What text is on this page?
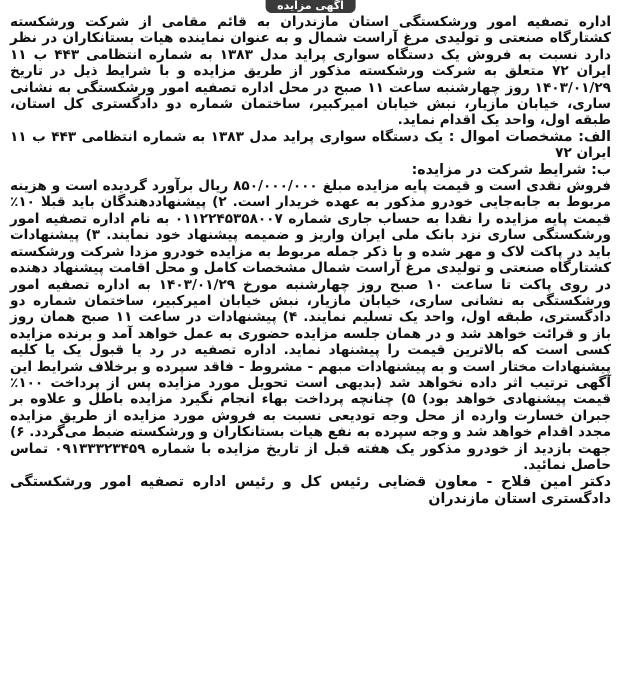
آگهی مزایده

اداره تصفیه امور ورشکستگی استان مازندران به قائم مقامی از شرکت ورشکسته کشتارگاه صنعتی و تولیدی مرغ آراست شمال و به عنوان نماینده هیات بستانکاران در نظر دارد نسبت به فروش یک دستگاه سواری پراید مدل ۱۳۸۳ به شماره انتظامی ۴۴۳ ب ۱۱ ایران ۷۲ متعلق به شرکت ورشکسته مذکور از طریق مزایده و با شرایط ذیل در تاریخ ۱۴۰۳/۰۱/۲۹ روز چهارشنبه ساعت ۱۱ صبح در محل اداره تصفیه امور ورشکستگی به نشانی ساری، خیابان مازیار، نبش خیابان امیرکبیر، ساختمان شماره دو دادگستری کل استان، طبقه اول، واحد یک اقدام نماید.

الف: مشخصات اموال : یک دستگاه سواری پراید مدل ۱۳۸۳ به شماره انتظامی ۴۴۳ ب ۱۱ ایران ۷۲

ب: شرایط شرکت در مزایده:

فروش نقدی است و قیمت پایه مزایده مبلغ ۸۵۰/۰۰۰/۰۰۰ ریال برآورد گردیده است و هزینه مربوط به جابه‌جایی خودرو مذکور به عهده خریدار است. ۲) پیشنهاددهندگان باید قبلا ۱۰٪ قیمت پایه مزایده را نقدا به حساب جاری شماره ۰۱۱۲۲۴۵۳۵۸۰۰۷ به نام اداره تصفیه امور ورشکستگی ساری نزد بانک ملی ایران واریز و ضمیمه پیشنهاد خود نمایند. ۳) پیشنهادات باید در پاکت لاک و مهر شده و با ذکر جمله مربوط به مزایده خودرو مزدا شرکت ورشکسته کشتارگاه صنعتی و تولیدی مرغ آراست شمال مشخصات کامل و محل اقامت پیشنهاد دهنده در روی پاکت تا ساعت ۱۰ صبح روز چهارشنبه مورخ ۱۴۰۳/۰۱/۲۹ به اداره تصفیه امور ورشکستگی به نشانی ساری، خیابان مازیار، نبش خیابان امیرکبیر، ساختمان شماره دو دادگستری، طبقه اول، واحد یک تسلیم نمایند. ۴) پیشنهادات در ساعت ۱۱ صبح همان روز باز و قرائت خواهد شد و در همان جلسه مزایده حضوری به عمل خواهد آمد و برنده مزایده کسی است که بالاترین قیمت را پیشنهاد نماید. اداره تصفیه در رد یا قبول یک یا کلیه پیشنهادات مختار است و به پیشنهادات مبهم - مشروط - فاقد سپرده و برخلاف شرایط این آگهی ترتیب اثر داده نخواهد شد (بدیهی است تحویل مورد مزایده پس از پرداخت ۱۰۰٪ قیمت پیشنهادی خواهد بود) ۵) چنانچه پرداخت بهاء انجام نگیرد مزایده باطل و علاوه بر جبران خسارت وارده از محل وجه تودیعی نسبت به فروش مورد مزایده از طریق مزایده مجدد اقدام خواهد شد و وجه سپرده به نفع هیات بستانکاران و ورشکسته ضبط می‌گردد. ۶) جهت بازدید از خودرو مذکور یک هفته قبل از تاریخ مزایده با شماره ۰۹۱۳۳۳۲۳۴۵۹ تماس حاصل نمائید.

دکتر امین فلاح - معاون قضایی رئیس کل و رئیس اداره تصفیه امور ورشکستگی دادگستری استان مازندران
